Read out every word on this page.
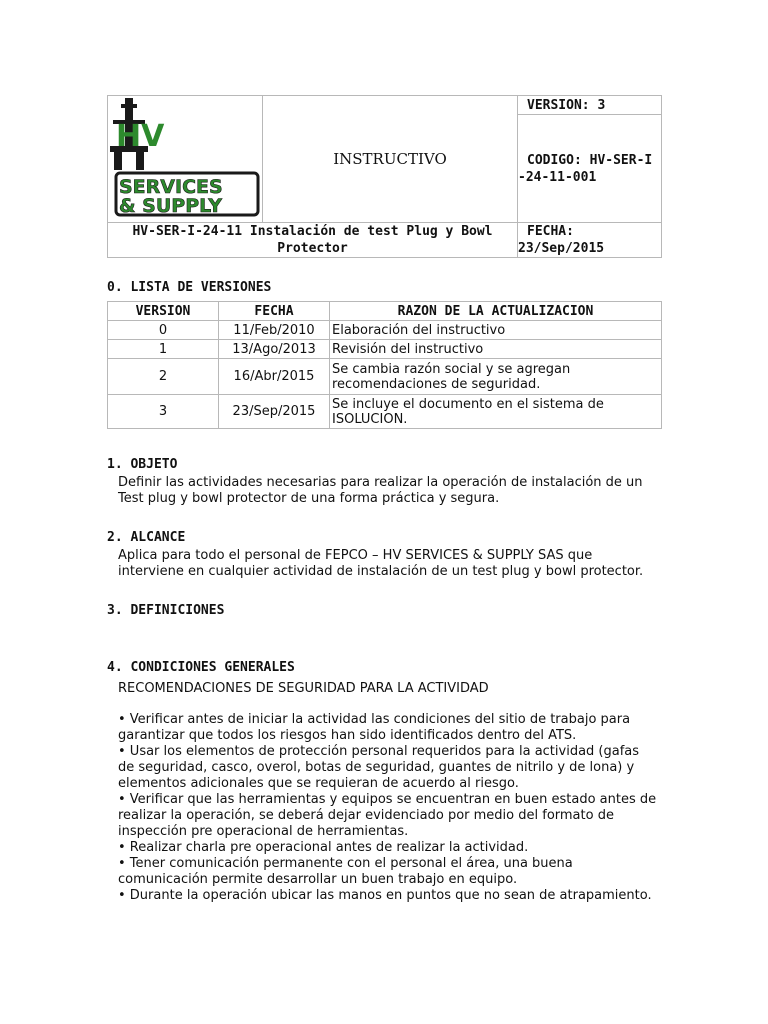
HV
SERVICES
& SUPPLY	INSTRUCTIVO	VERSION: 3

		CODIGO: HV-SER-I-24-11-001

HV-SER-I-24-11 Instalación de test Plug y Bowl Protector		FECHA:
23/Sep/2015
0. LISTA DE VERSIONES
VERSION	FECHA	RAZON DE LA ACTUALIZACION
0	11/Feb/2010	Elaboración del instructivo
1	13/Ago/2013	Revisión del instructivo
2	16/Abr/2015	Se cambia razón social y se agregan recomendaciones de seguridad.
3	23/Sep/2015	Se incluye el documento en el sistema de ISOLUCION.
1. OBJETO
Definir las actividades necesarias para realizar la operación de instalación de un Test plug y bowl protector de una forma práctica y segura.
2. ALCANCE
Aplica para todo el personal de FEPCO – HV SERVICES & SUPPLY SAS que interviene en cualquier actividad de instalación de un test plug y bowl protector.
3. DEFINICIONES
4. CONDICIONES GENERALES
RECOMENDACIONES DE SEGURIDAD PARA LA ACTIVIDAD
• Verificar antes de iniciar la actividad las condiciones del sitio de trabajo para garantizar que todos los riesgos han sido identificados dentro del ATS.
• Usar los elementos de protección personal requeridos para la actividad (gafas de seguridad, casco, overol, botas de seguridad, guantes de nitrilo y de lona) y elementos adicionales que se requieran de acuerdo al riesgo.
• Verificar que las herramientas y equipos se encuentran en buen estado antes de realizar la operación, se deberá dejar evidenciado por medio del formato de inspección pre operacional de herramientas.
• Realizar charla pre operacional antes de realizar la actividad.
• Tener comunicación permanente con el personal el área, una buena comunicación permite desarrollar un buen trabajo en equipo.
• Durante la operación ubicar las manos en puntos que no sean de atrapamiento.
